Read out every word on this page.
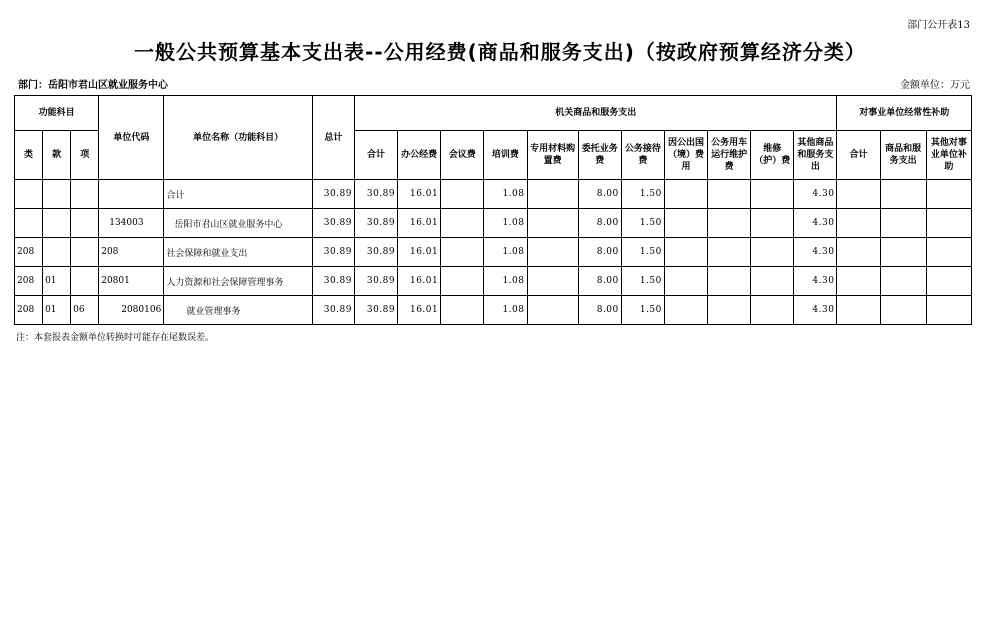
部门公开表13
一般公共预算基本支出表--公用经费(商品和服务支出)（按政府预算经济分类）
部门：岳阳市君山区就业服务中心	金额单位：万元
功能科目			单位代码	单位名称（功能科目）	总计	机关商品和服务支出											对事业单位经常性补助		
类	款	项				合计	办公经费	会议费	培训费	专用材料购置费	委托业务费	公务接待费	因公出国（境）费用	公务用车运行维护费	维修（护）费	其他商品和服务支出	合计	商品和服务支出	其他对事业单位补助
				合计	30.89	30.89	16.01		1.08		8.00	1.50				4.30			
			134003	岳阳市君山区就业服务中心	30.89	30.89	16.01		1.08		8.00	1.50				4.30			
208			208	社会保障和就业支出	30.89	30.89	16.01		1.08		8.00	1.50				4.30			
208	01		20801	人力资源和社会保障管理事务	30.89	30.89	16.01		1.08		8.00	1.50				4.30			
208	01	06	2080106	就业管理事务	30.89	30.89	16.01		1.08		8.00	1.50				4.30			
注：本套报表金额单位转换时可能存在尾数误差。
